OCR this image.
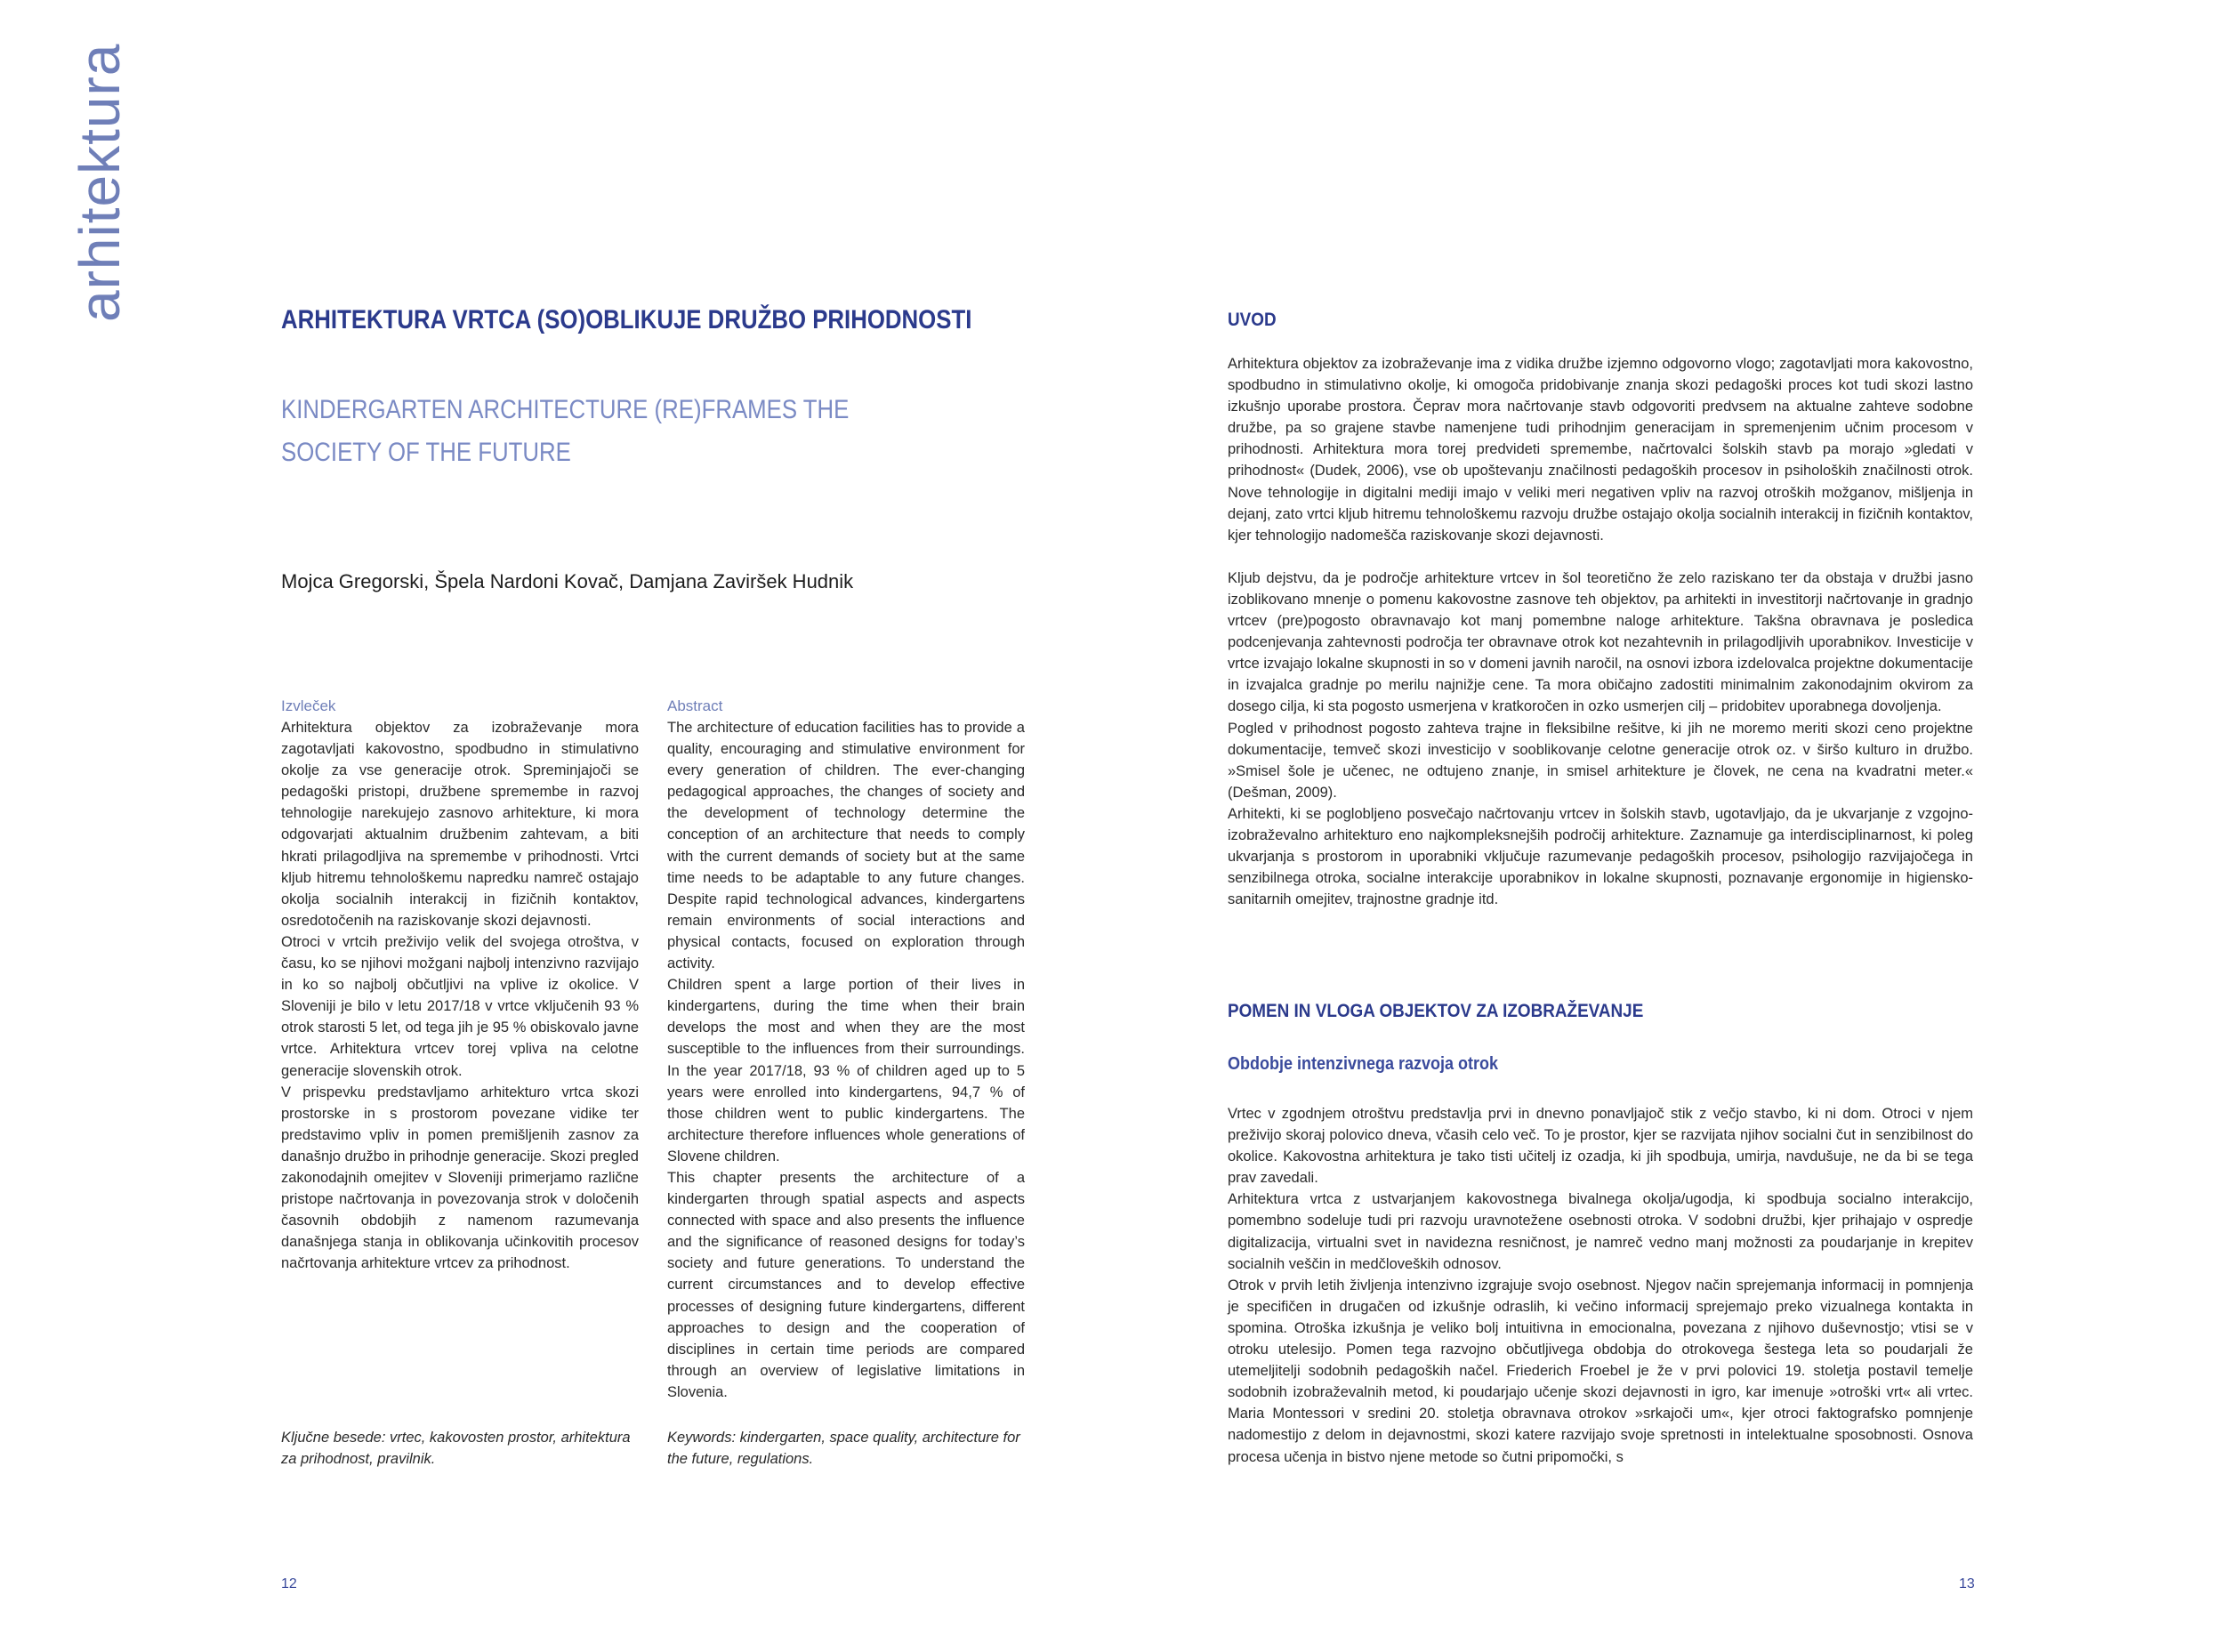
arhitektura	ARHITEKTURA VRTCA (SO)OBLIKUJE DRUŽBO PRIHODNOSTI
KINDERGARTEN ARCHITECTURE (RE)FRAMES THE SOCIETY OF THE FUTURE
Mojca Gregorski, Špela Nardoni Kovač, Damjana Zaviršek Hudnik
Izvleček

Arhitektura objektov za izobraževanje mora zagotavljati kakovostno, spodbudno in stimulativno okolje za vse generacije otrok. Spreminjajoči se pedagoški pristopi, družbene spremembe in razvoj tehnologije narekujejo zasnovo arhitekture, ki mora odgovarjati aktualnim družbenim zahtevam, a biti hkrati prilagodljiva na spremembe v prihodnosti. Vrtci kljub hitremu tehnološkemu napredku namreč ostajajo okolja socialnih interakcij in fizičnih kontaktov, osredotočenih na raziskovanje skozi dejavnosti.

Otroci v vrtcih preživijo velik del svojega otroštva, v času, ko se njihovi možgani najbolj intenzivno razvijajo in ko so najbolj občutljivi na vplive iz okolice. V Sloveniji je bilo v letu 2017/18 v vrtce vključenih 93 % otrok starosti 5 let, od tega jih je 95 % obiskovalo javne vrtce. Arhitektura vrtcev torej vpliva na celotne generacije slovenskih otrok.

V prispevku predstavljamo arhitekturo vrtca skozi prostorske in s prostorom povezane vidike ter predstavimo vpliv in pomen premišljenih zasnov za današnjo družbo in prihodnje generacije. Skozi pregled zakonodajnih omejitev v Sloveniji primerjamo različne pristope načrtovanja in povezovanja strok v določenih časovnih obdobjih z namenom razumevanja današnjega stanja in oblikovanja učinkovitih procesov načrtovanja arhitekture vrtcev za prihodnost.

Abstract

The architecture of education facilities has to provide a quality, encouraging and stimulative environment for every generation of children. The ever-changing pedagogical approaches, the changes of society and the development of technology determine the conception of an architecture that needs to comply with the current demands of society but at the same time needs to be adaptable to any future changes. Despite rapid technological advances, kindergartens remain environments of social interactions and physical contacts, focused on exploration through activity.

Children spent a large portion of their lives in kindergartens, during the time when their brain develops the most and when they are the most susceptible to the influences from their surroundings. In the year 2017/18, 93 % of children aged up to 5 years were enrolled into kindergartens, 94,7 % of those children went to public kindergartens. The architecture therefore influences whole generations of Slovene children.

This chapter presents the architecture of a kindergarten through spatial aspects and aspects connected with space and also presents the influence and the significance of reasoned designs for today’s society and future generations. To understand the current circumstances and to develop effective processes of designing future kindergartens, different approaches to design and the cooperation of disciplines in certain time periods are compared through an overview of legislative limitations in Slovenia.

Ključne besede: vrtec, kakovosten prostor, arhitektura za prihodnost, pravilnik.
Keywords: kindergarten, space quality, architecture for the future, regulations.
12
UVOD

Arhitektura objektov za izobraževanje ima z vidika družbe izjemno odgovorno vlogo; zagotavljati mora kakovostno, spodbudno in stimulativno okolje, ki omogoča pridobivanje znanja skozi pedagoški proces kot tudi skozi lastno izkušnjo uporabe prostora. Čeprav mora načrtovanje stavb odgovoriti predvsem na aktualne zahteve sodobne družbe, pa so grajene stavbe namenjene tudi prihodnjim generacijam in spremenjenim učnim procesom v prihodnosti. Arhitektura mora torej predvideti spremembe, načrtovalci šolskih stavb pa morajo »gledati v prihodnost« (Dudek, 2006), vse ob upoštevanju značilnosti pedagoških procesov in psiholoških značilnosti otrok. Nove tehnologije in digitalni mediji imajo v veliki meri negativen vpliv na razvoj otroških možganov, mišljenja in dejanj, zato vrtci kljub hitremu tehnološkemu razvoju družbe ostajajo okolja socialnih interakcij in fizičnih kontaktov, kjer tehnologijo nadomešča raziskovanje skozi dejavnosti.

Kljub dejstvu, da je področje arhitekture vrtcev in šol teoretično že zelo raziskano ter da obstaja v družbi jasno izoblikovano mnenje o pomenu kakovostne zasnove teh objektov, pa arhitekti in investitorji načrtovanje in gradnjo vrtcev (pre)pogosto obravnavajo kot manj pomembne naloge arhitekture. Takšna obravnava je posledica podcenjevanja zahtevnosti področja ter obravnave otrok kot nezahtevnih in prilagodljivih uporabnikov. Investicije v vrtce izvajajo lokalne skupnosti in so v domeni javnih naročil, na osnovi izbora izdelovalca projektne dokumentacije in izvajalca gradnje po merilu najnižje cene. Ta mora običajno zadostiti minimalnim zakonodajnim okvirom za dosego cilja, ki sta pogosto usmerjena v kratkoročen in ozko usmerjen cilj – pridobitev uporabnega dovoljenja.

Pogled v prihodnost pogosto zahteva trajne in fleksibilne rešitve, ki jih ne moremo meriti skozi ceno projektne dokumentacije, temveč skozi investicijo v sooblikovanje celotne generacije otrok oz. v širšo kulturo in družbo. »Smisel šole je učenec, ne odtujeno znanje, in smisel arhitekture je človek, ne cena na kvadratni meter.« (Dešman, 2009).

Arhitekti, ki se poglobljeno posvečajo načrtovanju vrtcev in šolskih stavb, ugotavljajo, da je ukvarjanje z vzgojno-izobraževalno arhitekturo eno najkompleksnejših področij arhitekture. Zaznamuje ga interdisciplinarnost, ki poleg ukvarjanja s prostorom in uporabniki vključuje razumevanje pedagoških procesov, psihologijo razvijajočega in senzibilnega otroka, socialne interakcije uporabnikov in lokalne skupnosti, poznavanje ergonomije in higiensko-sanitarnih omejitev, trajnostne gradnje itd.

POMEN IN VLOGA OBJEKTOV ZA IZOBRAŽEVANJE
Obdobje intenzivnega razvoja otrok

Vrtec v zgodnjem otroštvu predstavlja prvi in dnevno ponavljajoč stik z večjo stavbo, ki ni dom. Otroci v njem preživijo skoraj polovico dneva, včasih celo več. To je prostor, kjer se razvijata njihov socialni čut in senzibilnost do okolice. Kakovostna arhitektura je tako tisti učitelj iz ozadja, ki jih spodbuja, umirja, navdušuje, ne da bi se tega prav zavedali.

Arhitektura vrtca z ustvarjanjem kakovostnega bivalnega okolja/ugodja, ki spodbuja socialno interakcijo, pomembno sodeluje tudi pri razvoju uravnotežene osebnosti otroka. V sodobni družbi, kjer prihajajo v ospredje digitalizacija, virtualni svet in navidezna resničnost, je namreč vedno manj možnosti za poudarjanje in krepitev socialnih veščin in medčloveških odnosov.

Otrok v prvih letih življenja intenzivno izgrajuje svojo osebnost. Njegov način sprejemanja informacij in pomnjenja je specifičen in drugačen od izkušnje odraslih, ki večino informacij sprejemajo preko vizualnega kontakta in spomina. Otroška izkušnja je veliko bolj intuitivna in emocionalna, povezana z njihovo duševnostjo; vtisi se v otroku utelesijo. Pomen tega razvojno občutljivega obdobja do otrokovega šestega leta so poudarjali že utemeljitelji sodobnih pedagoških načel. Friederich Froebel je že v prvi polovici 19. stoletja postavil temelje sodobnih izobraževalnih metod, ki poudarjajo učenje skozi dejavnosti in igro, kar imenuje »otroški vrt« ali vrtec. Maria Montessori v sredini 20. stoletja obravnava otrokov »srkajoči um«, kjer otroci faktografsko pomnjenje nadomestijo z delom in dejavnostmi, skozi katere razvijajo svoje spretnosti in intelektualne sposobnosti. Osnova procesa učenja in bistvo njene metode so čutni pripomočki, s

13
